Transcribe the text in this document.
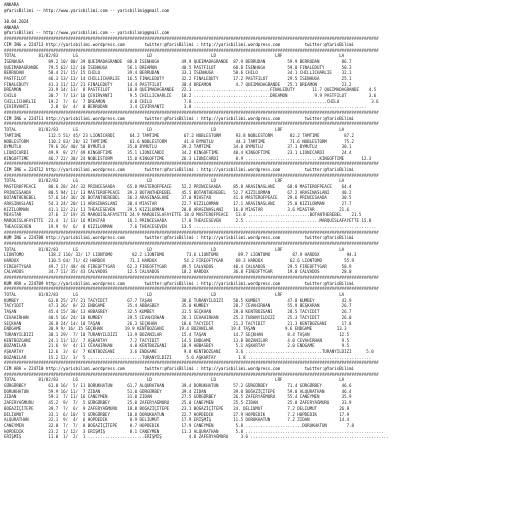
ANKARA
@YarisBilimi -- http://www.yarisbilimi.com -- yarisbilimi@gmail.com
30.04.2024
ANKARA
@YarisBilimi -- http://www.yarisbilimi.com -- yarisbilimi@gmail.com
########################################################################################################################################################
CIM ING = 224713 http://yarisbilimi.wordpress.com        twitter:@YarisBilimi : http://yarisbilimi.wordpress.com          twitter:@YarisBilimi
########################################################################################################################################################
TOTAL         81/82/83      LG                            LD                        LD                        LRF                       LA
İSENHUGA          89.2 10/ 80/ 39 QUEIMADAGRANDE  80.8 İSENHUGA         49.9 QUEIMADAGRANDE  87.9 BERRUDAN         59.9 BERRUDAN         86.7
QUEIMADAGRANDE    79.5 62/ 12/ 10 İSENHUGA        56.1 DREAMON          40.5 PASTFILOT       60.8 İSENHUGA         59.0 FINALEDUTY       50.3
BERRUDAN          58.4 21/ 15/ 15 CHILO           39.4 BERRUDAN         33.1 İSENHUGA        58.6 CHILO            34.1 CHILLICHARLIE    32.1
PASTFILOT         46.3 13/ 13/ 14 CHILLICHARLIE   16.5 FINALEDUTY       32.2 FINALEDUTY      17.2 PASTFILOT        29.5 İSENHUGA         25.1
FINALEDUTY        41.3 11/ 12/ 21 FINALEDUTY      14.4 PASTFILOT        30.4 DREAMON          4.7 QUEIMADAGRANDE   25.1 DREAMON          23.2
DREAMON           33.9 14/ 13/  8 PASTFILOT       10.8 QUEIMADAGRANDE   22.1 ...............................FINALEDUTY       11.7 QUEIMADAGRANDE    4.5
CHILO             30.7  7/ 13/ 10 ÇEVIRVANTI       9.5 CHILLICHARLIE    10.2 ...............................DREAMON           9.9 PASTFILOT         3.6
CHILLICHARLIE     19.2  7/  6/  7 DREAMON          4.0 CHILO             7.8 ......................................................CHILO             3.6
ÇEVIRVANTI         2.8  0/  4/  0 BERRUDAN         3.4 ÇEVIRVANTI        3.0 ......................................................................
########################################################################################################################################################
CIM ING = 224711 http://yarisbilimi.wordpress.com        twitter:@YarisBilimi : http://yarisbilimi.wordpress.com          twitter:@YarisBilimi
########################################################################################################################################################
TOTAL         81/82/83      LG                            LD                        LD                        LRF                       LA
TAMTIME           112.5 51/ 45/ 23 LIONICARDI      64.2 TAMTIME          67.2 NOBLESTORM      93.8 NOBLESTORM       82.2 TAMTIME          87.2
NOBLESTORM        110.2 83/ 28/ 32 TAMTIME         61.6 NOBLESTORM       41.8 BYMUTLU         44.3 TAMTIME          71.6 NOBLESTORM       75.2
BYMUTLU           79.6 26/ 40/ 50 BYMUTLU         35.0 BYMUTLU          39.2 TAMTIME         34.0 BYMUTLU          37.1 BYMUTLU          30.1
LIONICARDI        49.9  8/ 27/ 49 KINGOFTIME      35.1 LIONICARDI       34.2 KINGOFTIME      40.4 KINGOFTIME       23.1 LIONICARDI       24.4
KINGOFTIME        46.7 22/ 30/ 24 NOBLESTORM      15.0 KINGOFTIME       26.3 LIONICARDI       8.9 ..............................KINGOFTIME       12.3
########################################################################################################################################################
CIM ING = 224712 http://yarisbilimi.wordpress.com        twitter:@YarisBilimi : http://yarisbilimi.wordpress.com          twitter:@YarisBilimi
########################################################################################################################################################
TOTAL         81/82/83      LG                            LD                        LD                        LRF                       LA
MASTEROFPEACE     80.6 28/ 24/ 32 PRINCESAADA     65.8 MASTEROFPEACE    52.2 PRINCESAADA     85.8 ARASINASLANI     68.0 MASTEROFPEACE    64.4
PRINCESAADA       80.5 94/ 11/ 13 MASTEROFPEACE   39.3 BOTANTHEREBEL    45.5 BOTANTHEREBEL   52.7 KIZILORMAN       67.2 ARASINASLANI     40.2
BOTANTHEREBEL     57.6 14/ 36/ 26 BOTANTHEREBEL   36.3 ARASINASLANI     37.0 MIASTAR         41.6 MASTEROFPEACE    29.6 PRINCESAADA      30.5
ARASINASLANI      54.3 24/ 20/ 11 ARASINASLANI    30.4 MIASTAR          22.7 KIZILORMAN      17.1 ARASINASLANI     25.0 KIZILORMAN       27.7
KIZILORMAN        41.1 12/ 21/ 11 THEACESEVEN     29.5 KIZILORMAN       20.8 ARASINASLANI    16.0 MIASTAR          3.6 MIASTAR          21.6
MIASTAR           37.6  2/ 19/ 35 MARQUISLAFAYETTE 24.9 MARQUISLAFAYETTE 18.0 MASTEROFPEACE   13.0 .........................BOTANTHEREBEL    21.5
MARQUISLAFAYETTE  23.4  1/ 13/ 16 MIASTAR         16.1 PRINCESAADA      17.0 THEACESEVEN      2.5 ..............................MARQUISLAFAYETTE 15.8
THEACESEVEN       19.9  9/  6/  8 KIZILORMAN       7.6 THEACESEVEN      13.5 ..........................................................................
########################################################################################################################################################
KUM ING = 224708 http://yarisbilimi.wordpress.com        twitter:@YarisBilimi : http://yarisbilimi.wordpress.com          twitter:@YarisBilimi
########################################################################################################################################################
TOTAL         81/82/83      LG                            LD                        LD                        LRF                       LA
LIONTOMO          138.2 116/ 32/ 17 LIONTOMO        82.2 LIONTOMO         73.6 LIONTOMO        89.7 LIONTOMO         87.9 HARDOX           94.3
HARDOX            110.5 64/ 71/ 42 HARDOX          71.1 HARDOX           54.2 FIREOFTYGAR     69.3 HARDOX           62.6 LIONTOMO         55.9
FIREOFTYGAR       49.7 17/ 48/ 46 FIREOFTYGAR     62.3 FIREOFTYGAR      49.5 CALVADOS        40.4 CALVADOS         29.5 FIREOFTYGAR      50.9
CALVADOS          34.7 11/ 35/ 43 CALVADOS        12.5 CALVADOS         18.2 HARDOX          36.8 FIREOFTYGAR      19.0 CALVADOS         28.0
########################################################################################################################################################
KUM ARA = 224709 http://yarisbilimi.wordpress.com        twitter:@YarisBilimi : http://yarisbilimi.wordpress.com          twitter:@YarisBilimi
########################################################################################################################################################
TOTAL         81/82/83      LG                            LD                        LD                        LRF                       LA
KUMBEY            63.8 25/ 27/ 21 TACYIDIT        67.7 TAŞAN            38.6 TURANYILDIZI    58.5 KUMBEY           47.0 KUMBEY           42.9
TACYIDIT          47.3 26/  8/ 22 ENDGAME         35.4 ABBASBEY         35.0 KUMBEY          28.7 CEVAHIRHAN       55.9 BEŞKARAN         26.7
TAŞAN             45.4 15/ 30/ 13 ABBASBEY        32.5 KUMBEY           31.5 SEÇKHAN         28.0 KENTBOZGANI      28.5 TACYIDIT         26.7
CEVAHIRHAN        40.5 16/ 24/ 18 KUMBEY          29.5 CEVAHIRHAN       26.1 CEVAHIRHAN      25.3 TURANYILDIZI     25.3 TACYIDIT         26.0
SEÇKHAN           36.8 24/ 14/ 10 TAŞAN           26.3 SEÇKHAN          18.6 TACYIDIT        21.3 TACYIDIT         21.3 KENTBOZGANI      17.8
ENDGAME           30.9 9/ 16/ 15 SEÇKHAN         19.9 KENTBOZGANI      19.4 BOZANILAR       19.4 TAŞAN            9.6 ENDGAME          13.3
TURANYILDIZI      30.1 29/  7/ 10 TURANYILDIZI    13.9 BOZANILAR        15.4 TAŞAN           14.7 SEÇKHAN          8.4 TAŞAN            12.5
KENTBOZGANI       24.1 11/ 12/  7 AŞKARTAY         7.2 TACYIDIT         14.5 ENDGAME         13.8 BOZANILAR        4.0 CEVAHIRHAN        9.5
BOZANILAR         21.6  9/  4/ 11 CEVAHIRHAN       4.0 KENTBOZGANI      10.9 ABBASBEY         5.1 AŞKARTAY         2.0 ENDGAME           9.5
AŞKARTAY          12.6  3/  6/  7 KENTBOZGANI      3.6 ENDGAME           9.8 KENTBOZGANI      3.6 ...............................TURANYILDIZI      5.0
BOZANILAR         15.2 12/  3/  5 ......................TURANYILDIZI      5.6 AŞKARTAY         1.8 ..................................................
########################################################################################################################################################
CIM ARA = 224710 http://yarisbilimi.wordpress.com        twitter:@YarisBilimi : http://yarisbilimi.wordpress.com          twitter:@YarisBilimi
########################################################################################################################################################
TOTAL         81/82/83      LG                            LD                        LD                        LRF                       LA
GÜRGÜRBEY         61.0 16/  5/ 11 DORUKHATUN      61.7 ALQURATHAN       39.4 DORUKHATUN      57.2 GÜRGÜRBEY        71.4 GÜRGÜRBEY        46.6
DORUKHATUN        59.9 16/ 11/  7 ZIDAN           51.0 GÜRGÜRBEY        39.4 ZIDAN           39.0 BOĞAZİÇİTEPE     59.0 ALQURATHAN       46.4
ZIDAN             59.3  7/ 11/ 16 CANEYMEN        31.0 ZIDAN            27.5 GÜRGÜRBEY       26.5 ZAFERYAĞMURU     55.4 CANEYMEN         35.9
ZAFERYAĞMURU      45.2  9/  7/  5 GÜRGÜRBEY       25.0 ZAFERYAĞMURU     25.0 CANEYMEN        25.5 ZIDAN            25.0 ZAFERYAĞMURU     33.9
BOĞAZİÇİTEPE      39.7  7/  6/  9 ZAFERYAĞMURU    18.8 BOĞAZİÇİTEPE     23.1 BOĞAZİÇİTEPE    24. DELIUMUT          7.2 DELIUMUT         26.8
DELIUMUT          33.1  6/ 10/  5 GÜRGÜRBEY       10.8 DORUKHATUN       22.7 HOPDEDIK        27.9 HOPDEDIK         7.2 HOPDEDIK         17.9
ALQURATHAN        32.1  9/  4/  6 HOPDEDIK         8.9 DELIUMUT         17.9 ERİŞMİŞ         11.5 DORUKHATUN       7.2 ZIDAN            14.4
CANEYMEN          32.0  7/  7/  8 BOĞAZİÇİTEPE     8.7 HOPDEDIK         17.9 CANEYMEN         5.8 .......................DORUKHATUN        7.8
HOPDEDIK          23.2  1/ 12/  3 ERİŞMİŞ          8.1 CANEYMEN         11.3 ALQURATHAN       5.8 ........................................................
ERİŞMİŞ           11.0  1/  2/  1 .......................ERİŞMİŞ           4.8 ZAFERYAĞMURU     3.6 ........................................................
